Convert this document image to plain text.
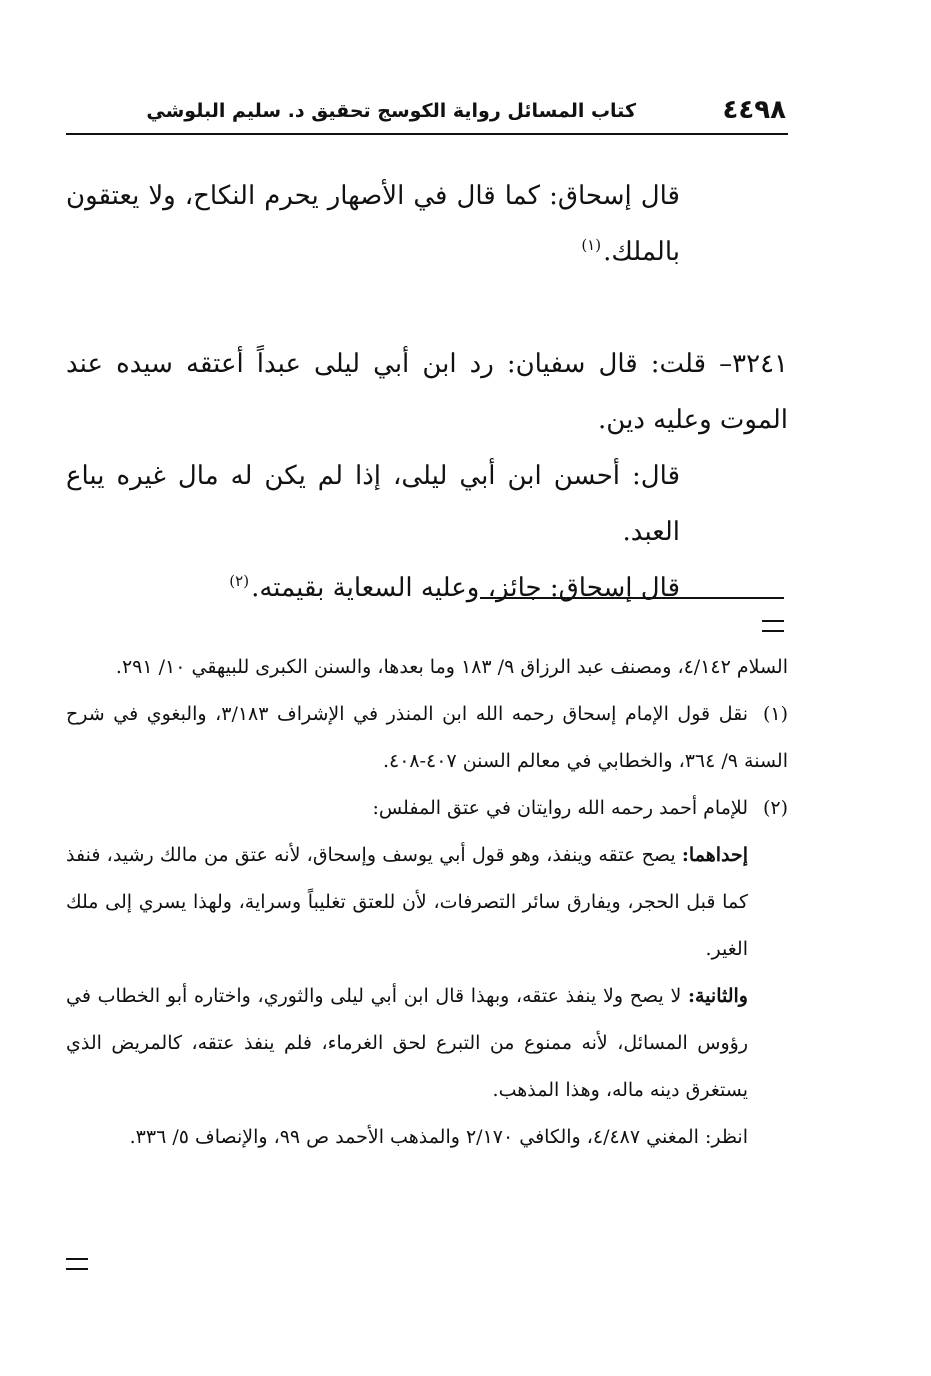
٤٤٩٨
كتاب المسائل رواية الكوسج تحقيق د. سليم البلوشي

قال إسحاق: كما قال في الأصهار يحرم النكاح، ولا يعتقون بالملك.$^{(١)}$

٣٢٤١– قلت: قال سفيان: رد ابن أبي ليلى عبداً أعتقه سيده عند الموت وعليه دين.

قال: أحسن ابن أبي ليلى، إذا لم يكن له مال غيره يباع العبد.

قال إسحاق: جائز، وعليه السعاية بقيمته.$^{(٢)}$

السلام ٤/١٤٢، ومصنف عبد الرزاق ٩/ ١٨٣ وما بعدها، والسنن الكبرى للبيهقي ١٠/ ٢٩١.

(١)نقل قول الإمام إسحاق رحمه الله ابن المنذر في الإشراف ٣/١٨٣، والبغوي في شرح السنة ٩/ ٣٦٤، والخطابي في معالم السنن ٤٠٧-٤٠٨.

(٢)للإمام أحمد رحمه الله روايتان في عتق المفلس:

إحداهما: يصح عتقه وينفذ، وهو قول أبي يوسف وإسحاق، لأنه عتق من مالك رشيد، فنفذ كما قبل الحجر، ويفارق سائر التصرفات، لأن للعتق تغليباً وسراية، ولهذا يسري إلى ملك الغير.

والثانية: لا يصح ولا ينفذ عتقه، وبهذا قال ابن أبي ليلى والثوري، واختاره أبو الخطاب في رؤوس المسائل، لأنه ممنوع من التبرع لحق الغرماء، فلم ينفذ عتقه، كالمريض الذي يستغرق دينه ماله، وهذا المذهب.

انظر: المغني ٤/٤٨٧، والكافي ٢/١٧٠ والمذهب الأحمد ص ٩٩، والإنصاف ٥/ ٣٣٦.
